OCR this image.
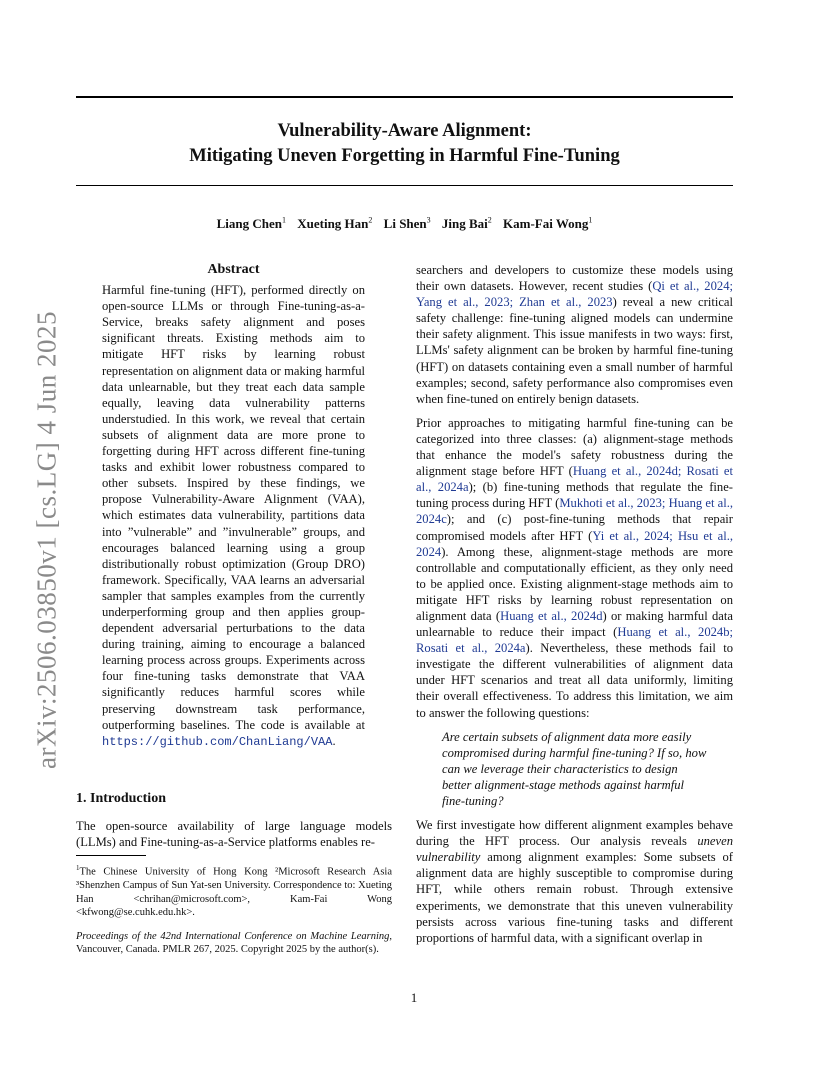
Vulnerability-Aware Alignment:
Mitigating Uneven Forgetting in Harmful Fine-Tuning
Liang Chen$^1$ Xueting Han$^2$ Li Shen$^3$ Jing Bai$^2$ Kam-Fai Wong$^1$
arXiv:2506.03850v1 [cs.LG] 4 Jun 2025

Abstract

Harmful fine-tuning (HFT), performed directly on open-source LLMs or through Fine-tuning-as-a-Service, breaks safety alignment and poses significant threats. Existing methods aim to mitigate HFT risks by learning robust representation on alignment data or making harmful data unlearnable, but they treat each data sample equally, leaving data vulnerability patterns understudied. In this work, we reveal that certain subsets of alignment data are more prone to forgetting during HFT across different fine-tuning tasks and exhibit lower robustness compared to other subsets. Inspired by these findings, we propose Vulnerability-Aware Alignment (VAA), which estimates data vulnerability, partitions data into ”vulnerable” and ”invulnerable” groups, and encourages balanced learning using a group distributionally robust optimization (Group DRO) framework. Specifically, VAA learns an adversarial sampler that samples examples from the currently underperforming group and then applies group-dependent adversarial perturbations to the data during training, aiming to encourage a balanced learning process across groups. Experiments across four fine-tuning tasks demonstrate that VAA significantly reduces harmful scores while preserving downstream task performance, outperforming baselines. The code is available at https://github.com/ChanLiang/VAA.

1. Introduction

The open-source availability of large language models (LLMs) and Fine-tuning-as-a-Service platforms enables re-

$^1$The Chinese University of Hong Kong ²Microsoft Research Asia ³Shenzhen Campus of Sun Yat-sen University. Correspondence to: Xueting Han <chrihan@microsoft.com>, Kam-Fai Wong <kfwong@se.cuhk.edu.hk>.

Proceedings of the 42nd International Conference on Machine Learning, Vancouver, Canada. PMLR 267, 2025. Copyright 2025 by the author(s).

searchers and developers to customize these models using their own datasets. However, recent studies (Qi et al., 2024; Yang et al., 2023; Zhan et al., 2023) reveal a new critical safety challenge: fine-tuning aligned models can undermine their safety alignment. This issue manifests in two ways: first, LLMs' safety alignment can be broken by harmful fine-tuning (HFT) on datasets containing even a small number of harmful examples; second, safety performance also compromises even when fine-tuned on entirely benign datasets.

Prior approaches to mitigating harmful fine-tuning can be categorized into three classes: (a) alignment-stage methods that enhance the model's safety robustness during the alignment stage before HFT (Huang et al., 2024d; Rosati et al., 2024a); (b) fine-tuning methods that regulate the fine-tuning process during HFT (Mukhoti et al., 2023; Huang et al., 2024c); and (c) post-fine-tuning methods that repair compromised models after HFT (Yi et al., 2024; Hsu et al., 2024). Among these, alignment-stage methods are more controllable and computationally efficient, as they only need to be applied once. Existing alignment-stage methods aim to mitigate HFT risks by learning robust representation on alignment data (Huang et al., 2024d) or making harmful data unlearnable to reduce their impact (Huang et al., 2024b; Rosati et al., 2024a). Nevertheless, these methods fail to investigate the different vulnerabilities of alignment data under HFT scenarios and treat all data uniformly, limiting their overall effectiveness. To address this limitation, we aim to answer the following questions:

Are certain subsets of alignment data more easily compromised during harmful fine-tuning? If so, how can we leverage their characteristics to design better alignment-stage methods against harmful fine-tuning?

We first investigate how different alignment examples behave during the HFT process. Our analysis reveals uneven vulnerability among alignment examples: Some subsets of alignment data are highly susceptible to compromise during HFT, while others remain robust. Through extensive experiments, we demonstrate that this uneven vulnerability persists across various fine-tuning tasks and different proportions of harmful data, with a significant overlap in

1
